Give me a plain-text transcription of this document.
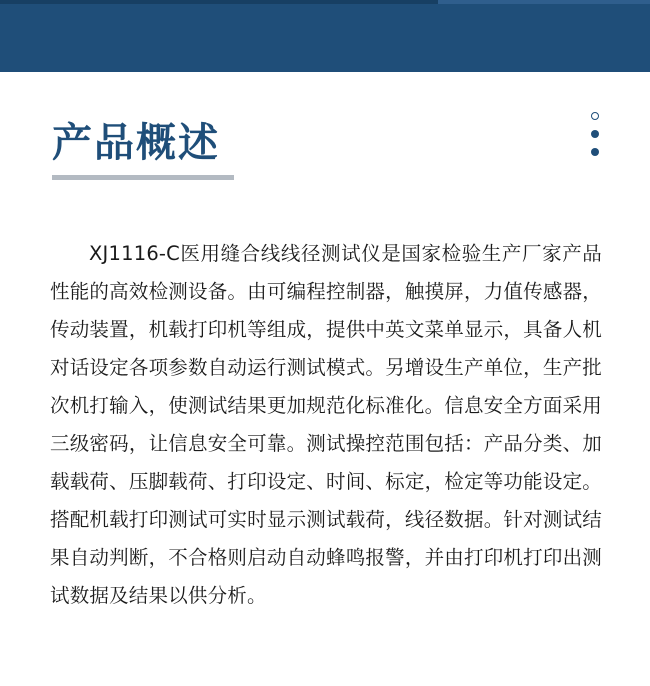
产品概述

XJ1116-C医用缝合线线径测试仪是国家检验生产厂家产品性能的高效检测设备。由可编程控制器，触摸屏，力值传感器，传动装置，机载打印机等组成，提供中英文菜单显示，具备人机对话设定各项参数自动运行测试模式。另增设生产单位，生产批次机打输入，使测试结果更加规范化标准化。信息安全方面采用三级密码，让信息安全可靠。测试操控范围包括：产品分类、加载载荷、压脚载荷、打印设定、时间、标定，检定等功能设定。搭配机载打印测试可实时显示测试载荷，线径数据。针对测试结果自动判断，不合格则启动自动蜂鸣报警，并由打印机打印出测试数据及结果以供分析。
